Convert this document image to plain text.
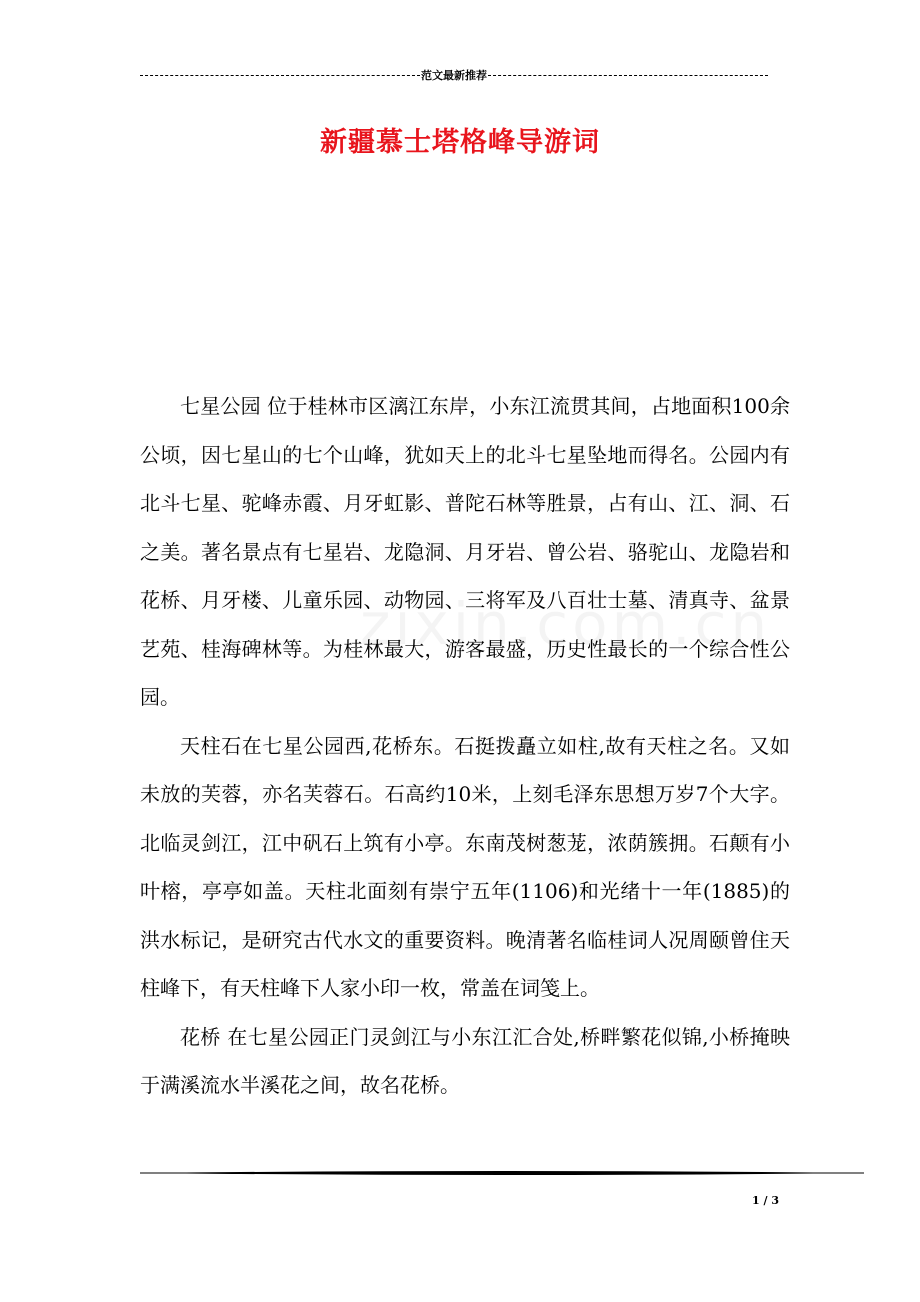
范文最新推荐
新疆慕士塔格峰导游词

七星公园 位于桂林市区漓江东岸，小东江流贯其间，占地面积100余公顷，因七星山的七个山峰，犹如天上的北斗七星坠地而得名。公园内有北斗七星、驼峰赤霞、月牙虹影、普陀石林等胜景，占有山、江、洞、石之美。著名景点有七星岩、龙隐洞、月牙岩、曾公岩、骆驼山、龙隐岩和花桥、月牙楼、儿童乐园、动物园、三将军及八百壮士墓、清真寺、盆景艺苑、桂海碑林等。为桂林最大，游客最盛，历史性最长的一个综合性公园。

天柱石在七星公园西,花桥东。石挺拨矗立如柱,故有天柱之名。又如未放的芙蓉，亦名芙蓉石。石高约10米，上刻毛泽东思想万岁7个大字。北临灵剑江，江中矾石上筑有小亭。东南茂树葱茏，浓荫簇拥。石颠有小叶榕，亭亭如盖。天柱北面刻有崇宁五年(1106)和光绪十一年(1885)的洪水标记，是研究古代水文的重要资料。晚清著名临桂词人况周颐曾住天柱峰下，有天柱峰下人家小印一枚，常盖在词笺上。

花桥 在七星公园正门灵剑江与小东江汇合处,桥畔繁花似锦,小桥掩映于满溪流水半溪花之间，故名花桥。

1 / 3
